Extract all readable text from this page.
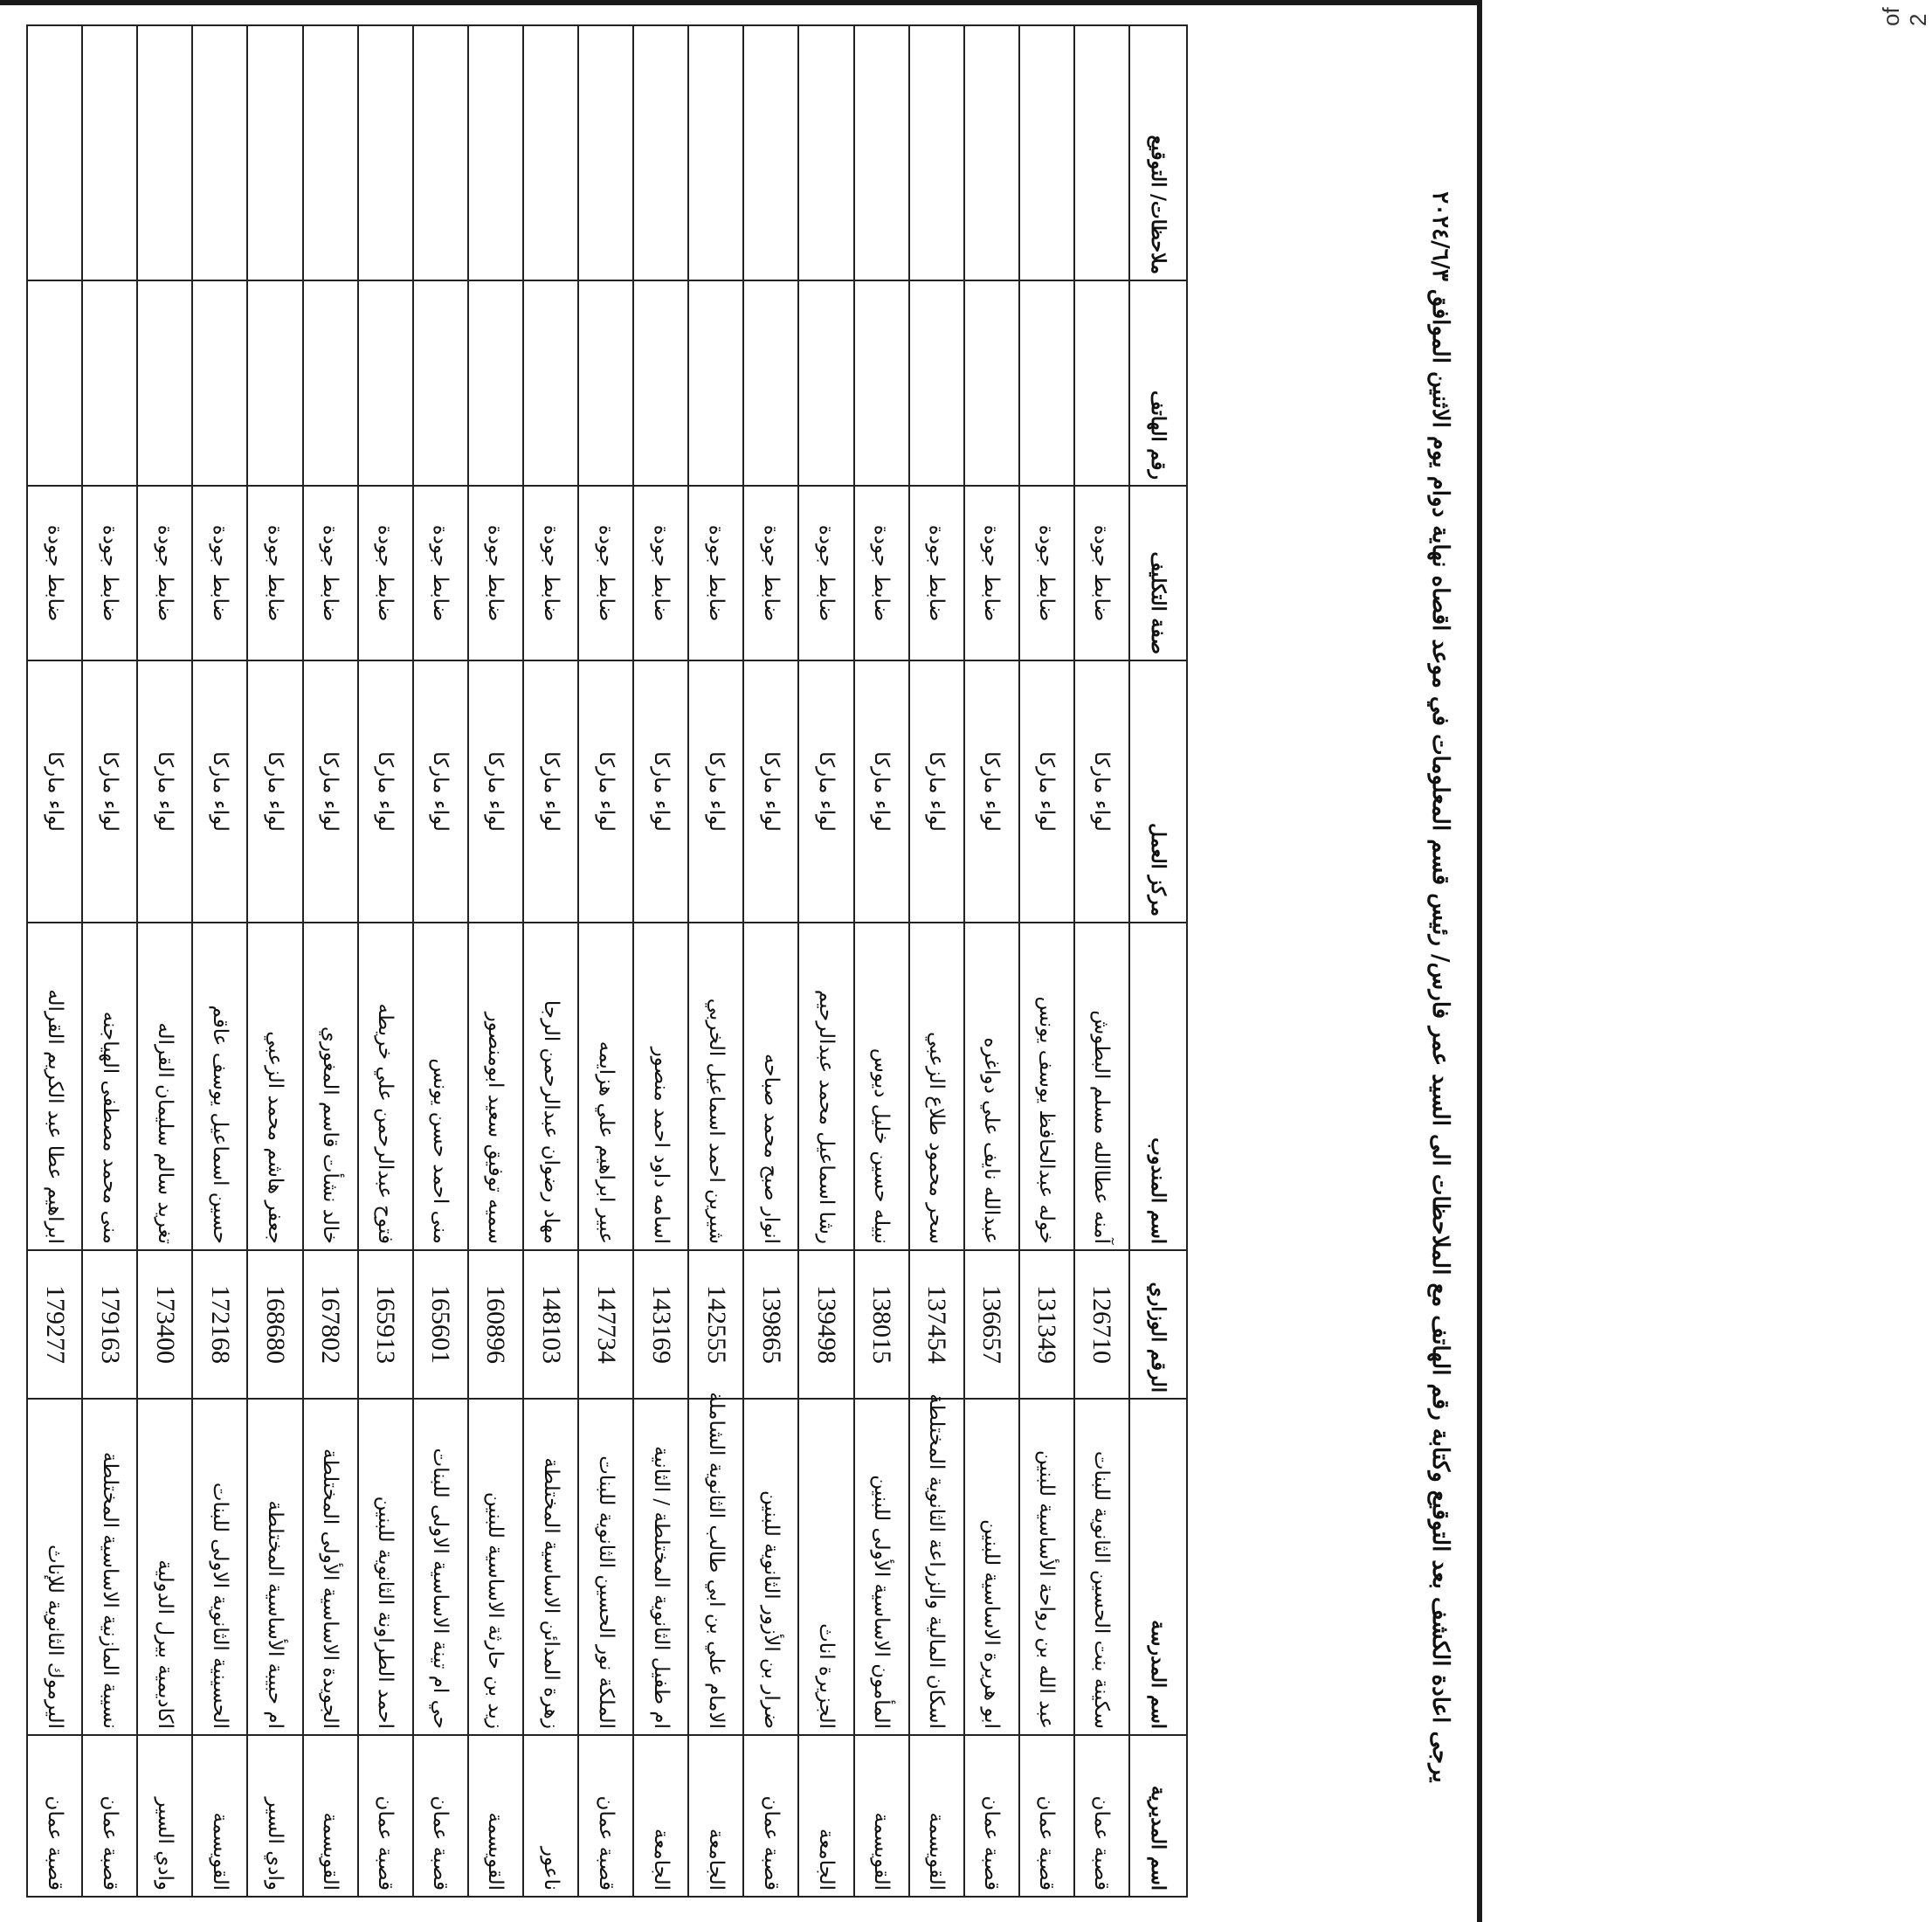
يرجى اعادة الكشف بعد التوقيع وكتابة رقم الهاتف مع الملاحظات الى السيد عمر فارس/ رئيس قسم المعلومات في موعد اقصاه نهاية دوام يوم الاثنين الموافق ٢٠٢٤/٦/٣
اسم المديرية	اسم المدرسة	الرقم الوزاري	اسم المندوب	مركز العمل	صفة التكليف	رقم الهاتف	ملاحظات/ التوقيع
قصبة عمان	سكينة بنت الحسين الثانوية للبنات	126710	آمنه عطاالله مسلم البطوش	لواء ماركا	ضابط جودة		
قصبة عمان	عبد الله بن رواحة الأساسية للبنين	131349	خوله عبدالحافظ يوسف يونس	لواء ماركا	ضابط جودة		
قصبة عمان	ابو هريرة الاساسية للبنين	136657	عبدالله نايف علي دواغره	لواء ماركا	ضابط جودة		
القويسمة	اسكان المالية والزراعة الثانوية المختلطة	137454	سحر محمود طلاع الزعبي	لواء ماركا	ضابط جودة		
القويسمة	المأمون الاساسية الأولى للبنين	138015	نبيله حسين خليل ديوس	لواء ماركا	ضابط جودة		
الجامعة	الجزيرة اناث	139498	رشا اسماعيل محمد عبدالرحيم	لواء ماركا	ضابط جودة		
قصبة عمان	ضرار بن الأزور الثانوية للبنين	139865	انوار صبح محمد صباحه	لواء ماركا	ضابط جودة		
الجامعة	الامام علي بن ابي طالب الثانوية الشاملة	142555	شيرين احمد اسماعيل الخربي	لواء ماركا	ضابط جودة		
الجامعة	ام طفيل الثانوية المختلطة / الثانية	143169	اسامه داود احمد منصور	لواء ماركا	ضابط جودة		
قصبة عمان	الملكة نور الحسين الثانوية للبنات	147734	عبير ابراهيم علي هزايمه	لواء ماركا	ضابط جودة		
ناعور	زهرة المدائن الاساسية المختلطة	148103	مهاد رضوان عبدالرحمن الرجا	لواء ماركا	ضابط جودة		
القويسمة	زيد بن حارثة الاساسية للبنين	160896	سميه توفيق سعيد ابومنصور	لواء ماركا	ضابط جودة		
قصبة عمان	حي ام تينة الاساسية الاولى للبنات	165601	منى احمد حسن يونس	لواء ماركا	ضابط جودة		
قصبة عمان	احمد الطراونة الثانوية للبنين	165913	فتوح عبدالرحمن علي خريطه	لواء ماركا	ضابط جودة		
القويسمة	الجويدة الاساسية الأولى المختلطة	167802	خالد نشأت قاسم المغوري	لواء ماركا	ضابط جودة		
وادي السير	ام حبيبة الأساسية المختلطة	168680	جعفر هاشم محمد الزعبي	لواء ماركا	ضابط جودة		
القويسمة	الحسينية الثانوية الاولى للبنات	172168	حسين اسماعيل يوسف عاقم	لواء ماركا	ضابط جودة		
وادي السير	اكاديمية بيرل الدولية	173400	تغريد سالم سليمان القراله	لواء ماركا	ضابط جودة		
قصبة عمان	نسيبة المازنية الاساسية المختلطة	179163	منى محمد مصطفى الهياجنه	لواء ماركا	ضابط جودة		
قصبة عمان	اليرموك الثانوية للإناث	179277	ابراهيم عطا عبد الكريم القراله	لواء ماركا	ضابط جودة		
of 2
